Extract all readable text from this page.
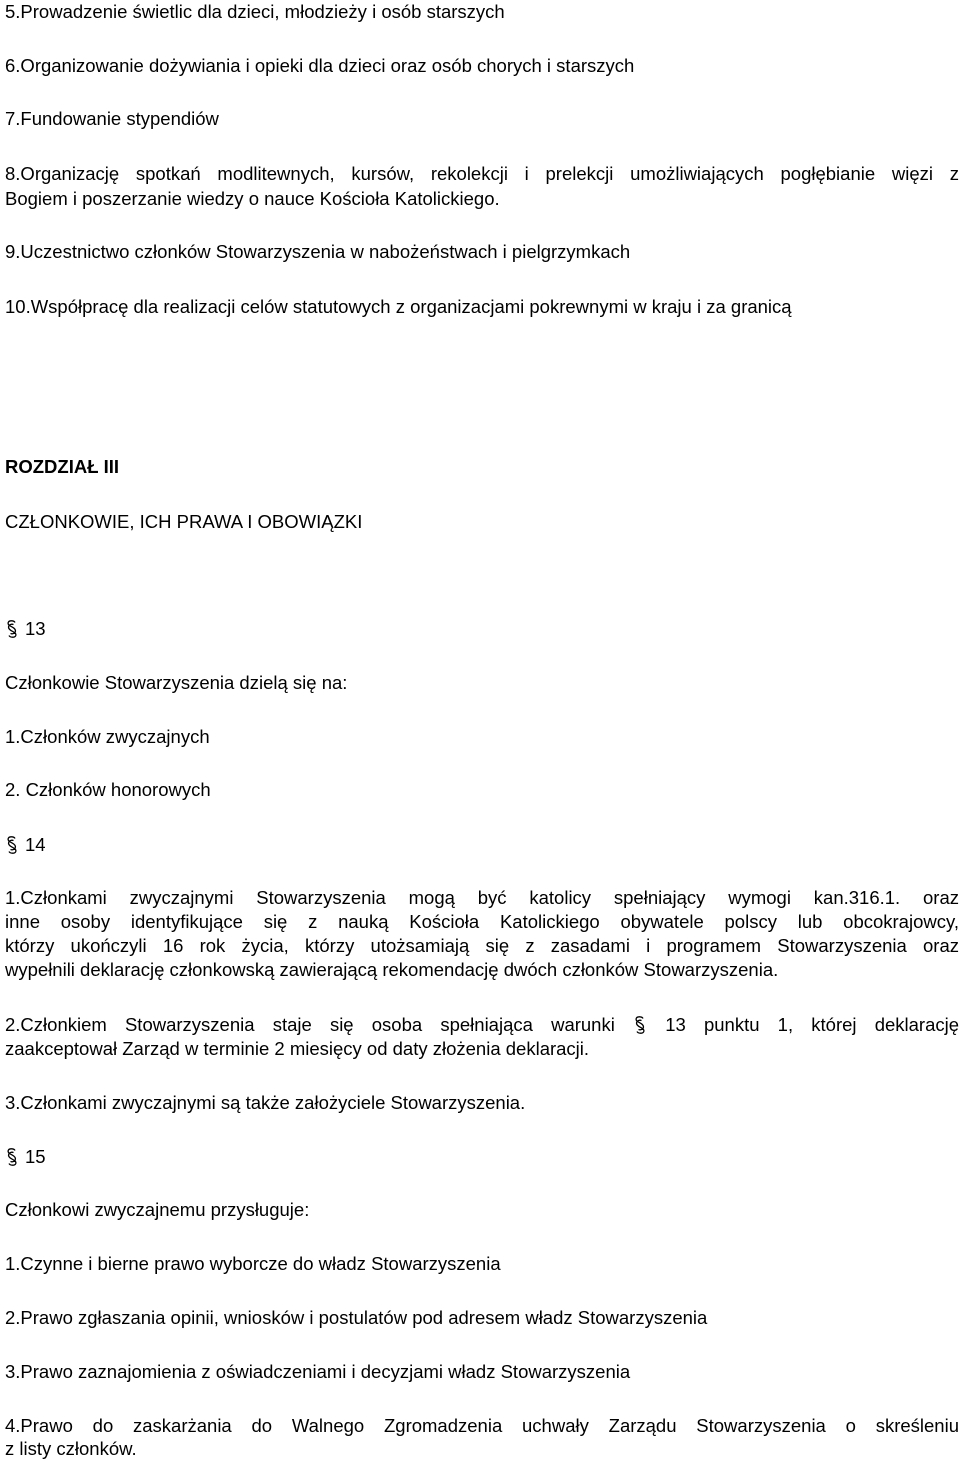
5.Prowadzenie świetlic dla dzieci, młodzieży i osób starszych
6.Organizowanie dożywiania i opieki dla dzieci oraz osób chorych i starszych
7.Fundowanie stypendiów
8.Organizację spotkań modlitewnych, kursów, rekolekcji i prelekcji umożliwiających pogłębianie więzi z
Bogiem i poszerzanie wiedzy o nauce Kościoła Katolickiego.
9.Uczestnictwo członków Stowarzyszenia w nabożeństwach i pielgrzymkach
10.Współpracę dla realizacji celów statutowych z organizacjami pokrewnymi w kraju i za granicą
ROZDZIAŁ III
CZŁONKOWIE, ICH PRAWA I OBOWIĄZKI
13
Członkowie Stowarzyszenia dzielą się na:
1.Członków zwyczajnych
2. Członków honorowych
14
1.Członkami zwyczajnymi Stowarzyszenia mogą być katolicy spełniający wymogi kan.316.1. oraz
inne osoby identyfikujące się z nauką Kościoła Katolickiego obywatele polscy lub obcokrajowcy,
którzy ukończyli 16 rok życia, którzy utożsamiają się z zasadami i programem Stowarzyszenia oraz
wypełnili deklarację członkowską zawierającą rekomendację dwóch członków Stowarzyszenia.
2.Członkiem Stowarzyszenia staje się osoba spełniająca warunki	13 punktu 1, której deklarację
zaakceptował Zarząd w terminie 2 miesięcy od daty złożenia deklaracji.
3.Członkami zwyczajnymi są także założyciele Stowarzyszenia.
15
Członkowi zwyczajnemu przysługuje:
1.Czynne i bierne prawo wyborcze do władz Stowarzyszenia
2.Prawo zgłaszania opinii, wniosków i postulatów pod adresem władz Stowarzyszenia
3.Prawo zaznajomienia z oświadczeniami i decyzjami władz Stowarzyszenia
4.Prawo do zaskarżania do Walnego Zgromadzenia uchwały Zarządu Stowarzyszenia o skreśleniu
z listy członków.
